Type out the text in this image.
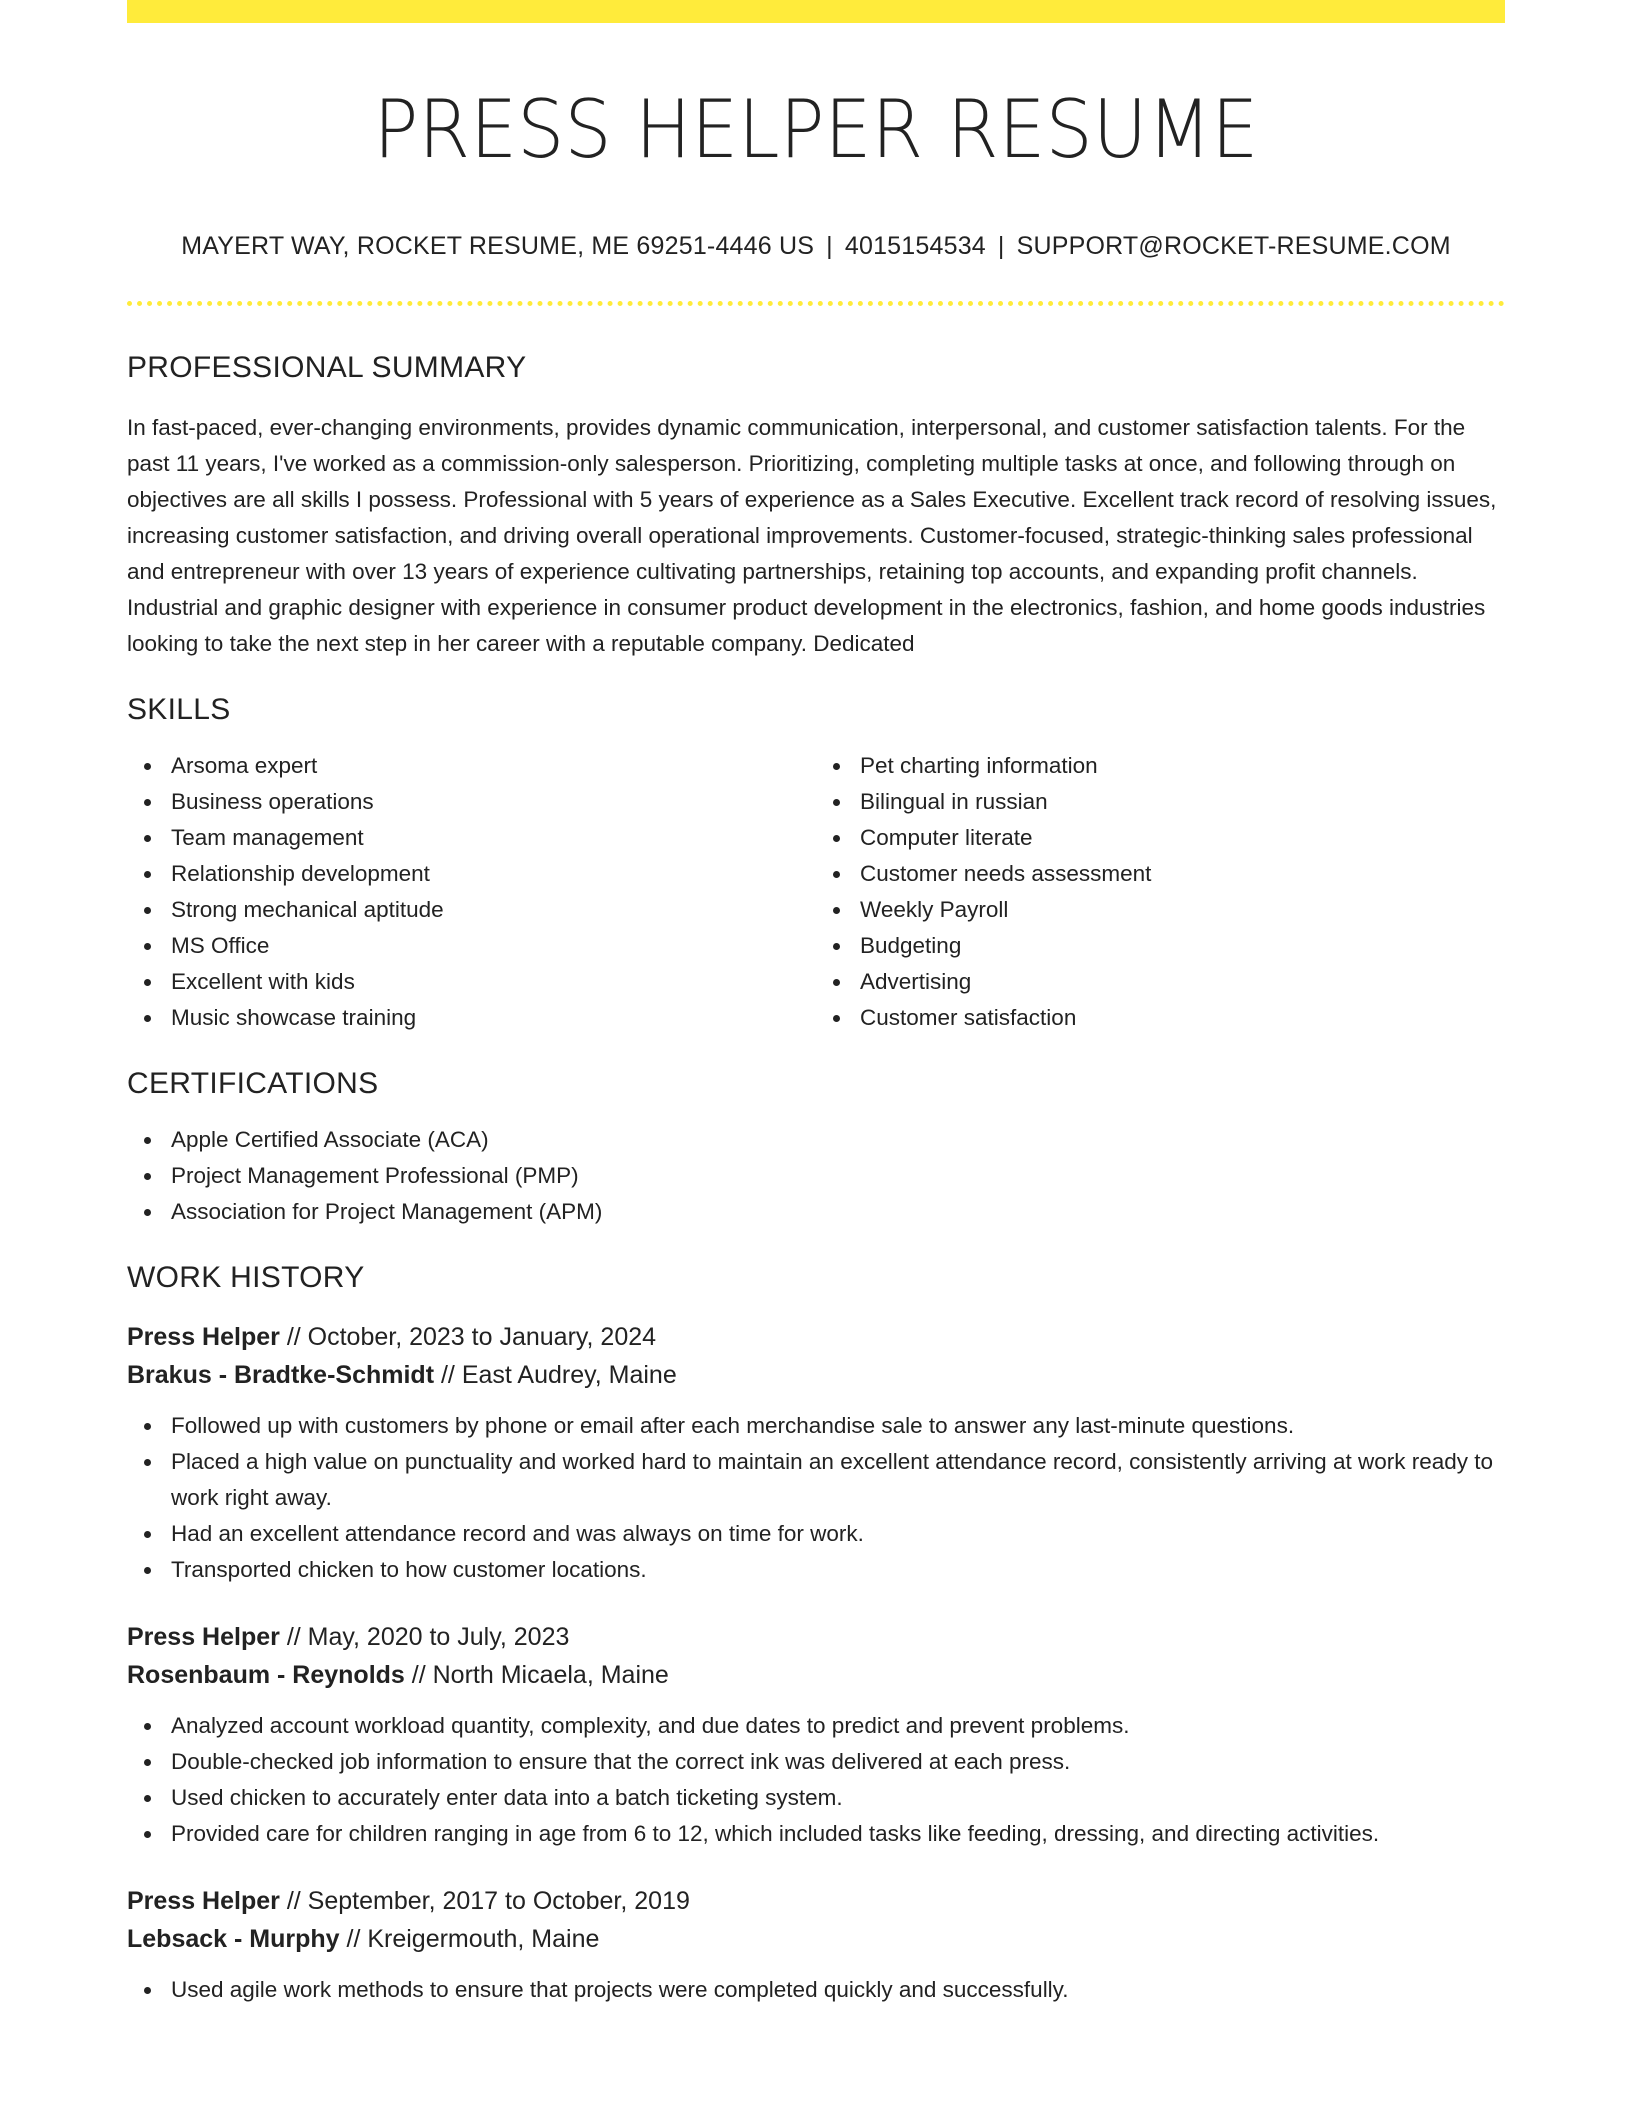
PRESS HELPER RESUME
MAYERT WAY, ROCKET RESUME, ME 69251-4446 US | 4015154534 | SUPPORT@ROCKET-RESUME.COM
PROFESSIONAL SUMMARY

In fast-paced, ever-changing environments, provides dynamic communication, interpersonal, and customer satisfaction talents. For the past 11 years, I've worked as a commission-only salesperson. Prioritizing, completing multiple tasks at once, and following through on objectives are all skills I possess. Professional with 5 years of experience as a Sales Executive. Excellent track record of resolving issues, increasing customer satisfaction, and driving overall operational improvements. Customer-focused, strategic-thinking sales professional and entrepreneur with over 13 years of experience cultivating partnerships, retaining top accounts, and expanding profit channels. Industrial and graphic designer with experience in consumer product development in the electronics, fashion, and home goods industries looking to take the next step in her career with a reputable company. Dedicated

SKILLS
Arsoma expert
Business operations
Team management
Relationship development
Strong mechanical aptitude
MS Office
Excellent with kids
Music showcase training
Pet charting information
Bilingual in russian
Computer literate
Customer needs assessment
Weekly Payroll
Budgeting
Advertising
Customer satisfaction
CERTIFICATIONS
Apple Certified Associate (ACA)
Project Management Professional (PMP)
Association for Project Management (APM)
WORK HISTORY
Press Helper // October, 2023 to January, 2024
Brakus - Bradtke-Schmidt // East Audrey, Maine
Followed up with customers by phone or email after each merchandise sale to answer any last-minute questions.
Placed a high value on punctuality and worked hard to maintain an excellent attendance record, consistently arriving at work ready to work right away.
Had an excellent attendance record and was always on time for work.
Transported chicken to how customer locations.
Press Helper // May, 2020 to July, 2023
Rosenbaum - Reynolds // North Micaela, Maine
Analyzed account workload quantity, complexity, and due dates to predict and prevent problems.
Double-checked job information to ensure that the correct ink was delivered at each press.
Used chicken to accurately enter data into a batch ticketing system.
Provided care for children ranging in age from 6 to 12, which included tasks like feeding, dressing, and directing activities.
Press Helper // September, 2017 to October, 2019
Lebsack - Murphy // Kreigermouth, Maine
Used agile work methods to ensure that projects were completed quickly and successfully.
